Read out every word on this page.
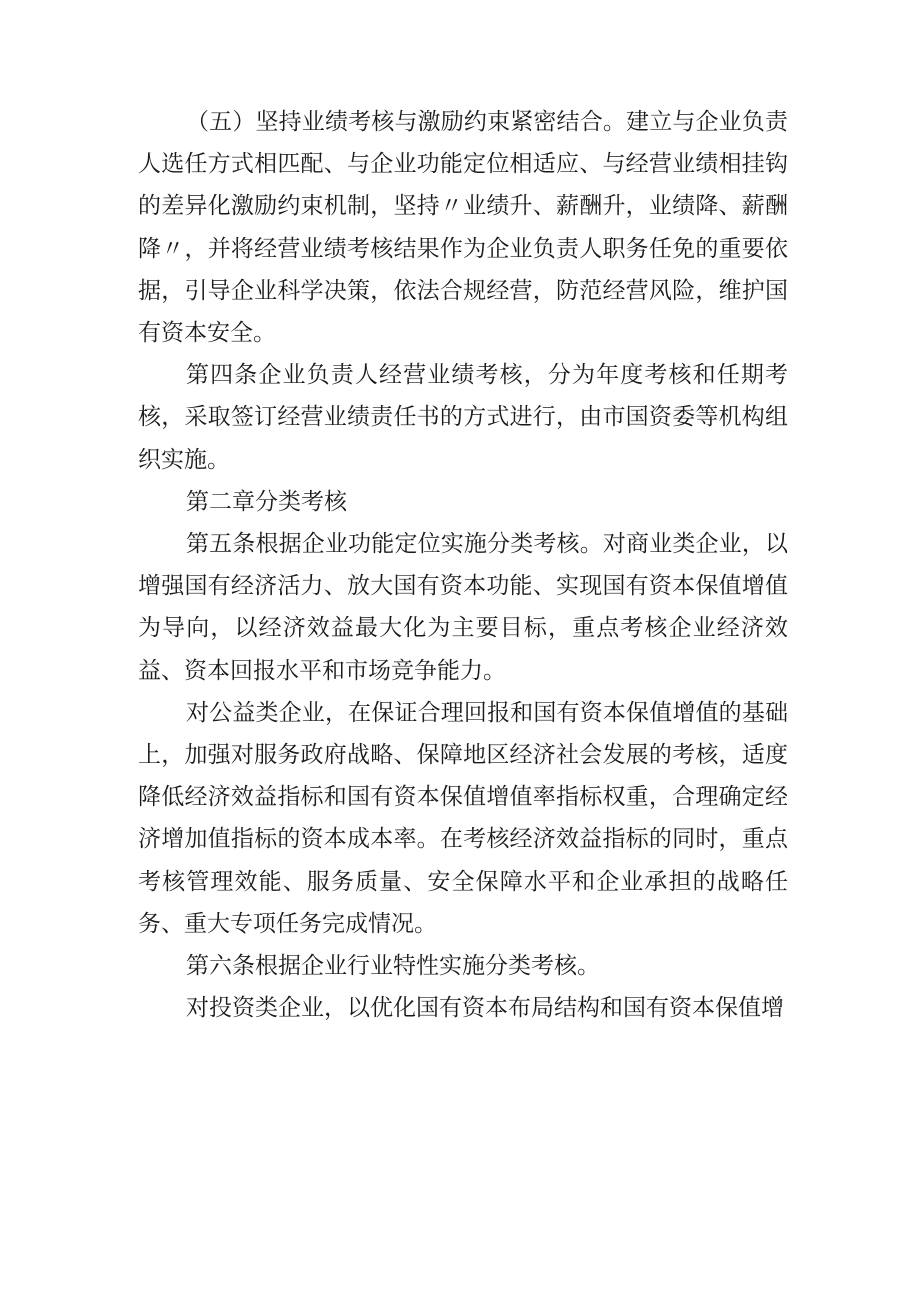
（五）坚持业绩考核与激励约束紧密结合。建立与企业负责人选任方式相匹配、与企业功能定位相适应、与经营业绩相挂钩的差异化激励约束机制，坚持〃业绩升、薪酬升，业绩降、薪酬降〃，并将经营业绩考核结果作为企业负责人职务任免的重要依据，引导企业科学决策，依法合规经营，防范经营风险，维护国有资本安全。

第四条企业负责人经营业绩考核，分为年度考核和任期考核，采取签订经营业绩责任书的方式进行，由市国资委等机构组织实施。

第二章分类考核

第五条根据企业功能定位实施分类考核。对商业类企业，以增强国有经济活力、放大国有资本功能、实现国有资本保值增值为导向，以经济效益最大化为主要目标，重点考核企业经济效益、资本回报水平和市场竞争能力。

对公益类企业，在保证合理回报和国有资本保值增值的基础上，加强对服务政府战略、保障地区经济社会发展的考核，适度降低经济效益指标和国有资本保值增值率指标权重，合理确定经济增加值指标的资本成本率。在考核经济效益指标的同时，重点考核管理效能、服务质量、安全保障水平和企业承担的战略任务、重大专项任务完成情况。

第六条根据企业行业特性实施分类考核。

对投资类企业，以优化国有资本布局结构和国有资本保值增
